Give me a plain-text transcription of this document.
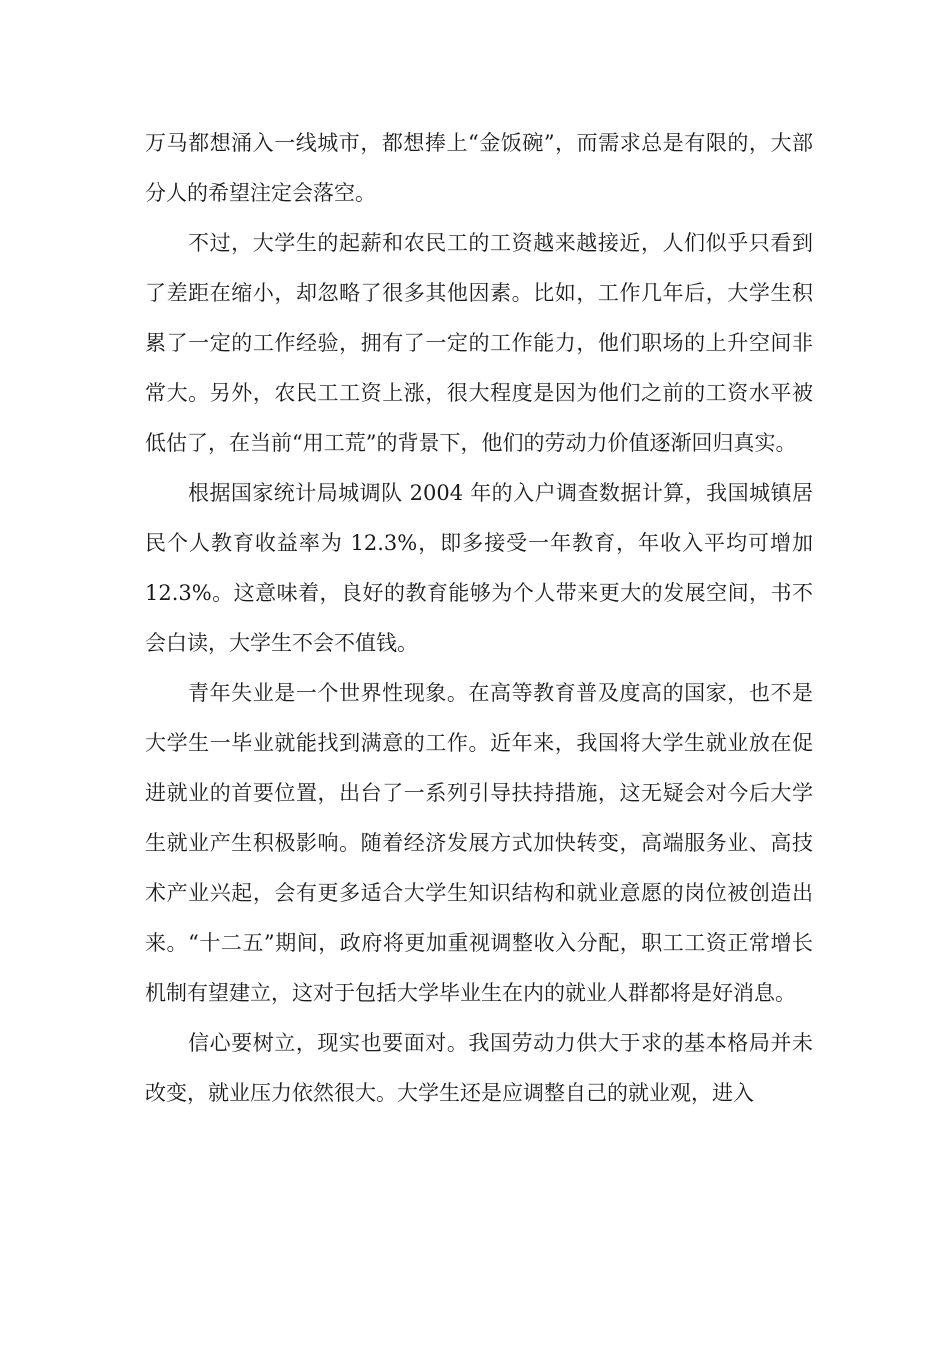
万马都想涌入一线城市，都想捧上“金饭碗”，而需求总是有限的，大部分人的希望注定会落空。

不过，大学生的起薪和农民工的工资越来越接近，人们似乎只看到了差距在缩小，却忽略了很多其他因素。比如，工作几年后，大学生积累了一定的工作经验，拥有了一定的工作能力，他们职场的上升空间非常大。另外，农民工工资上涨，很大程度是因为他们之前的工资水平被低估了，在当前“用工荒”的背景下，他们的劳动力价值逐渐回归真实。

根据国家统计局城调队 2004 年的入户调查数据计算，我国城镇居民个人教育收益率为 12.3%，即多接受一年教育，年收入平均可增加 12.3%。这意味着，良好的教育能够为个人带来更大的发展空间，书不会白读，大学生不会不值钱。

青年失业是一个世界性现象。在高等教育普及度高的国家，也不是大学生一毕业就能找到满意的工作。近年来，我国将大学生就业放在促进就业的首要位置，出台了一系列引导扶持措施，这无疑会对今后大学生就业产生积极影响。随着经济发展方式加快转变，高端服务业、高技术产业兴起，会有更多适合大学生知识结构和就业意愿的岗位被创造出来。“十二五”期间，政府将更加重视调整收入分配，职工工资正常增长机制有望建立，这对于包括大学毕业生在内的就业人群都将是好消息。

信心要树立，现实也要面对。我国劳动力供大于求的基本格局并未改变，就业压力依然很大。大学生还是应调整自己的就业观，进入
